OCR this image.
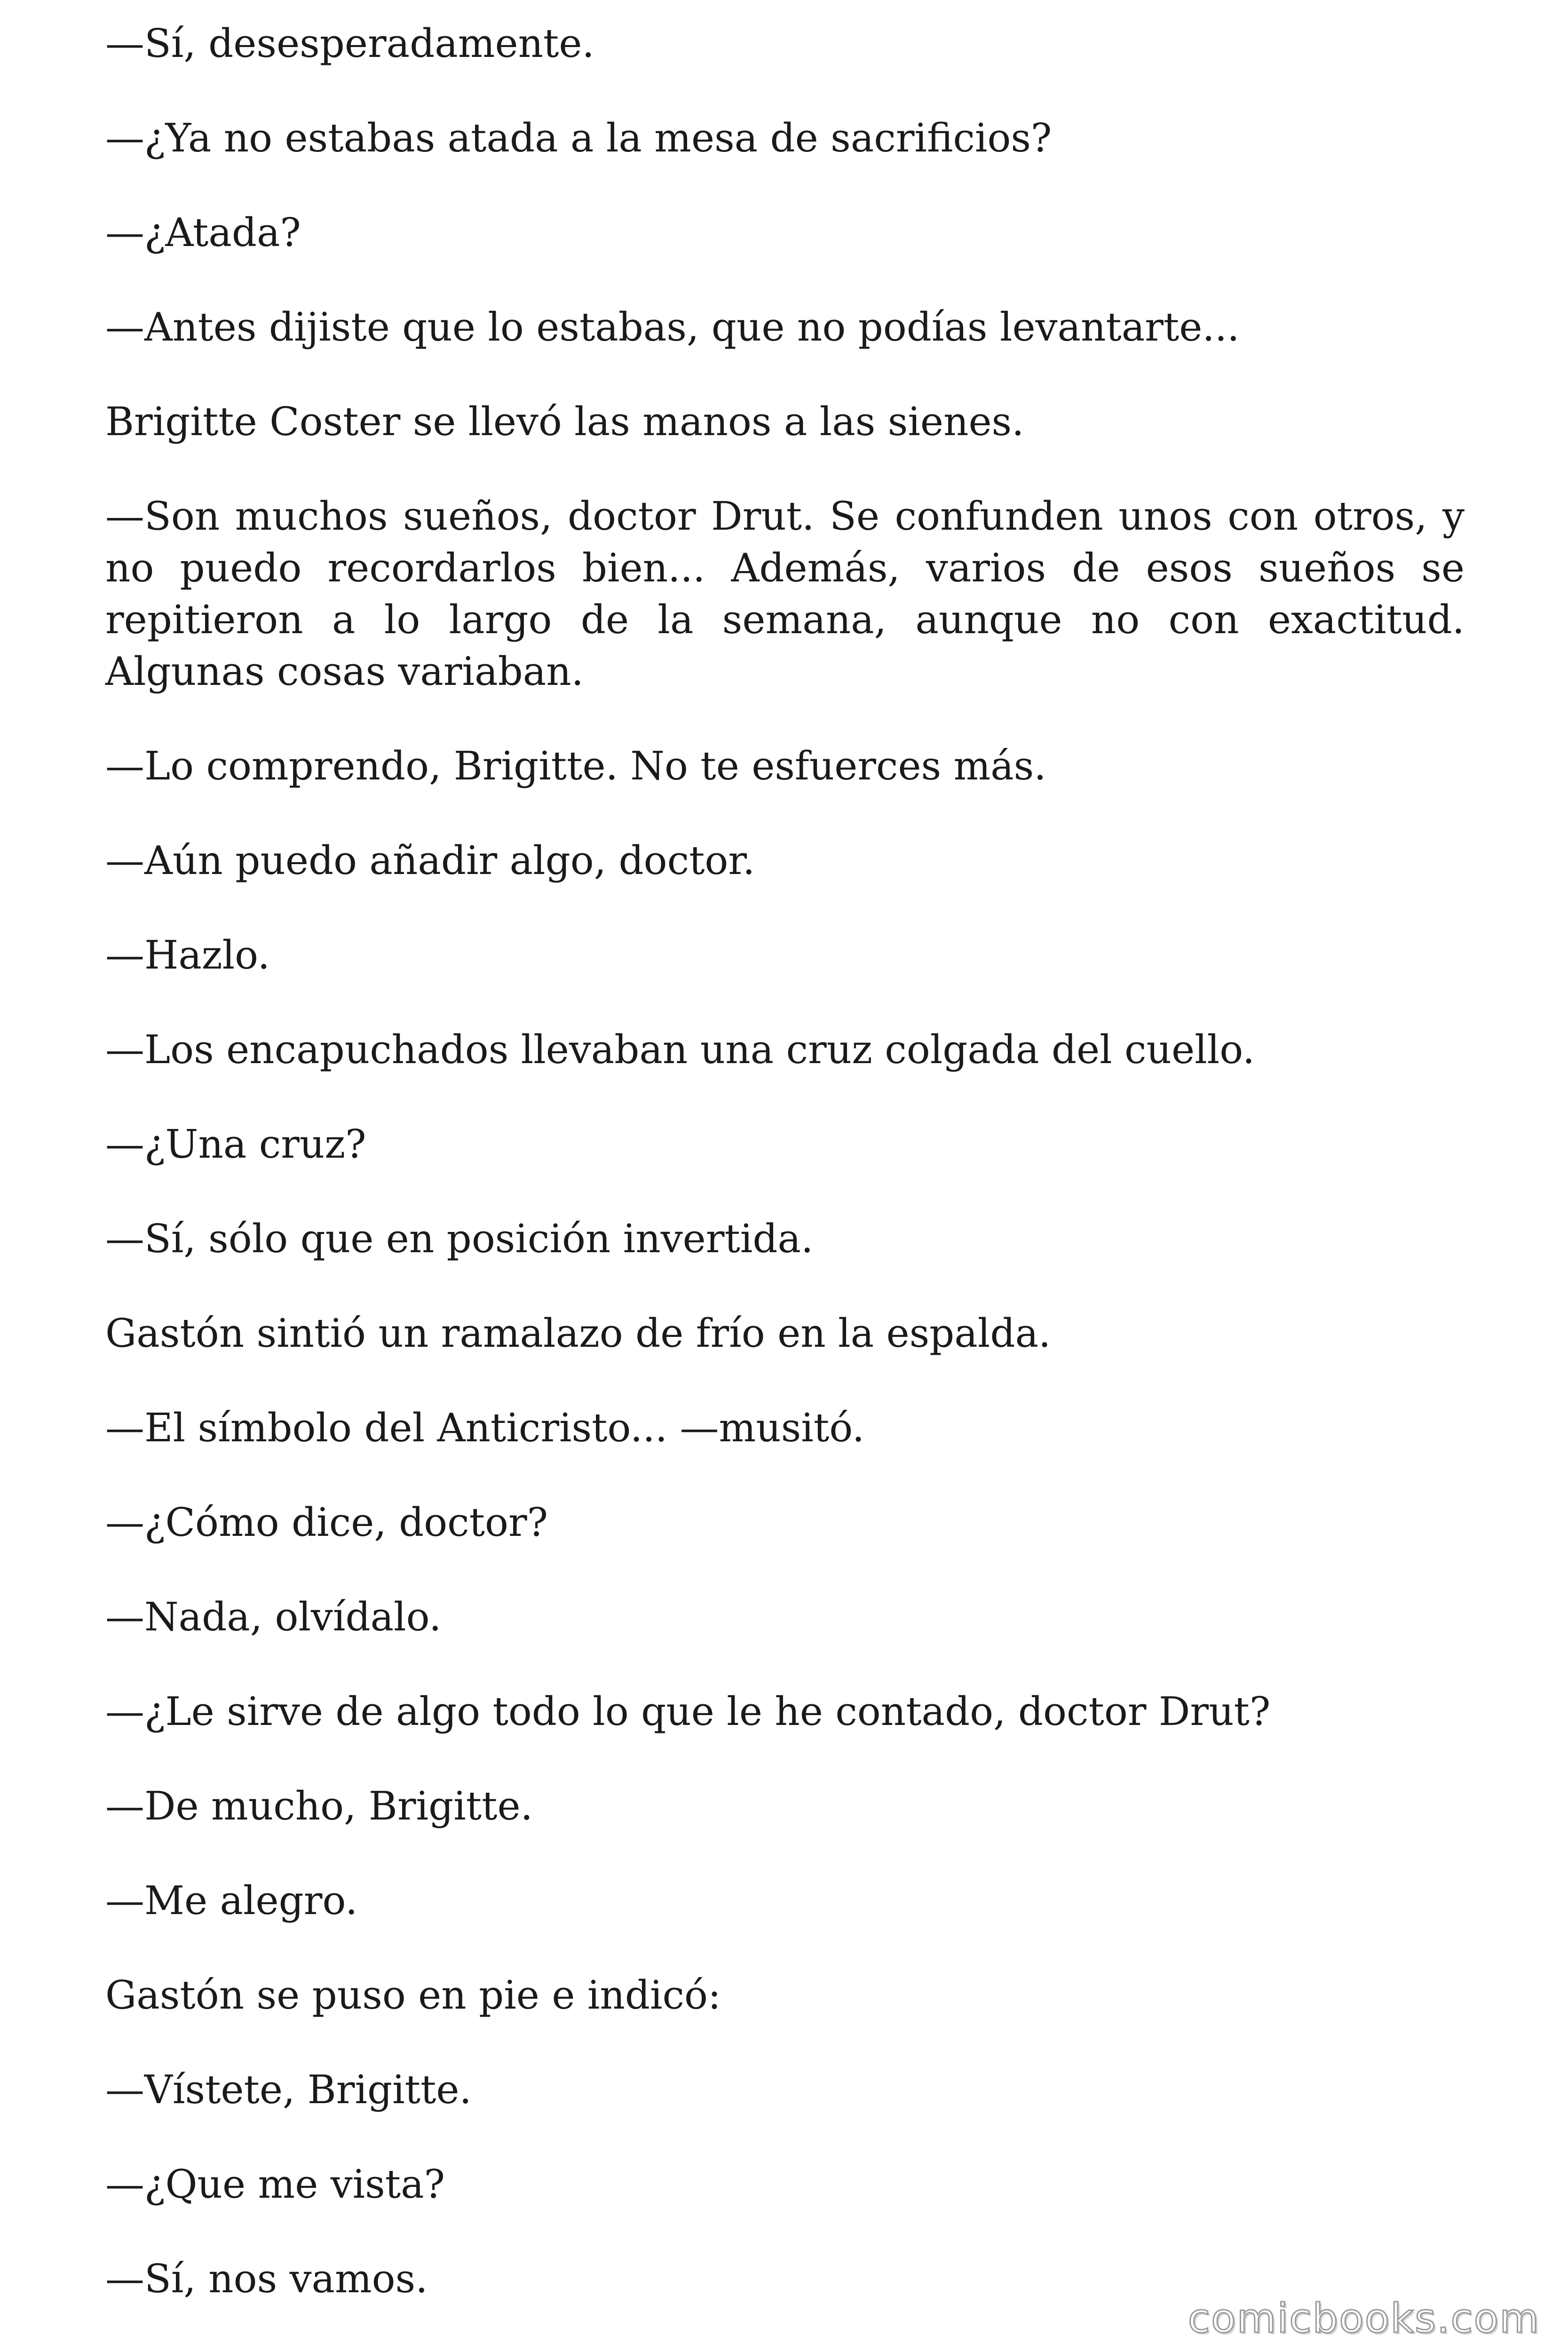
—Sí, desesperadamente.

—¿Ya no estabas atada a la mesa de sacrificios?

—¿Atada?

—Antes dijiste que lo estabas, que no podías levantarte...

Brigitte Coster se llevó las manos a las sienes.

—Son muchos sueños, doctor Drut. Se confunden unos con otros, y no puedo recordarlos bien... Además, varios de esos sueños se repitieron a lo largo de la semana, aunque no con exactitud. Algunas cosas variaban.

—Lo comprendo, Brigitte. No te esfuerces más.

—Aún puedo añadir algo, doctor.

—Hazlo.

—Los encapuchados llevaban una cruz colgada del cuello.

—¿Una cruz?

—Sí, sólo que en posición invertida.

Gastón sintió un ramalazo de frío en la espalda.

—El símbolo del Anticristo... —musitó.

—¿Cómo dice, doctor?

—Nada, olvídalo.

—¿Le sirve de algo todo lo que le he contado, doctor Drut?

—De mucho, Brigitte.

—Me alegro.

Gastón se puso en pie e indicó:

—Vístete, Brigitte.

—¿Que me vista?

—Sí, nos vamos.

comicbooks.com
